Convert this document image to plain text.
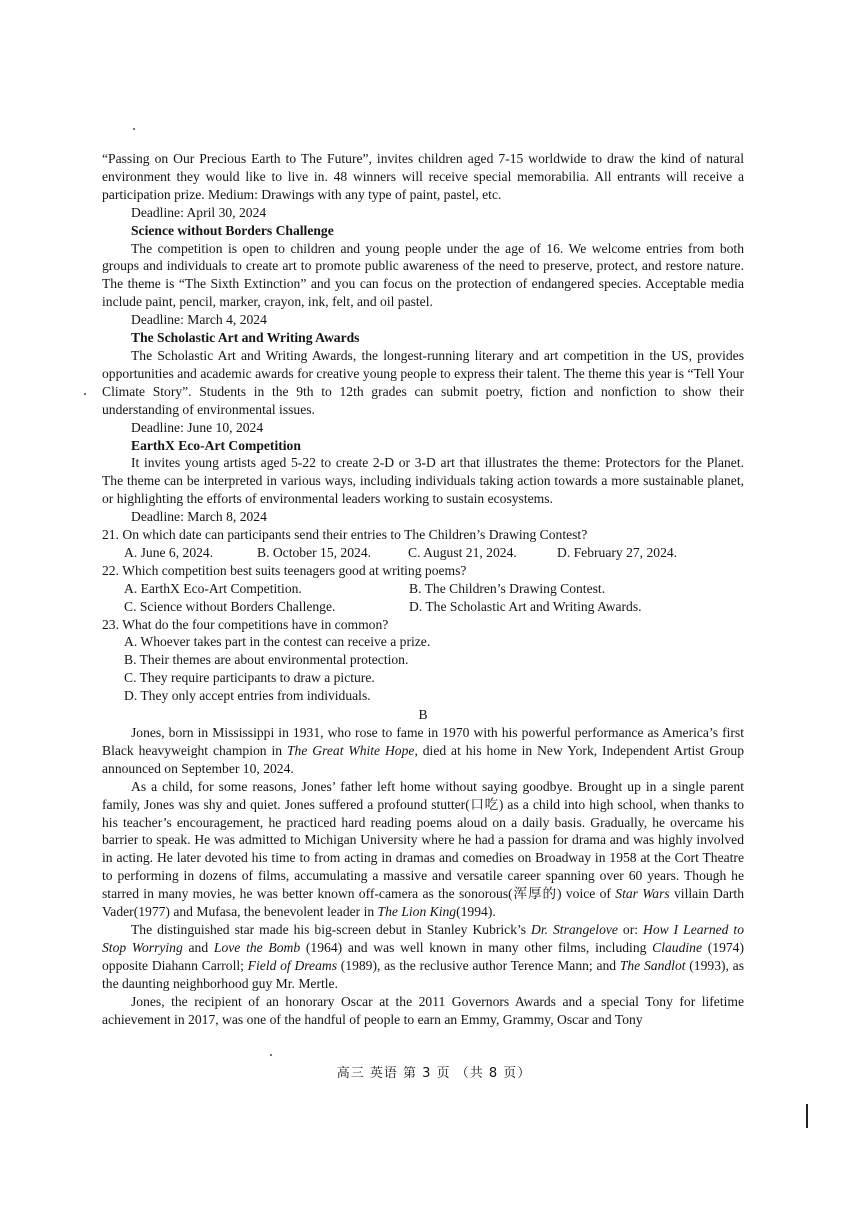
“Passing on Our Precious Earth to The Future”, invites children aged 7-15 worldwide to draw the kind of natural environment they would like to live in. 48 winners will receive special memorabilia. All entrants will receive a participation prize. Medium: Drawings with any type of paint, pastel, etc.

Deadline: April 30, 2024

Science without Borders Challenge

The competition is open to children and young people under the age of 16. We welcome entries from both groups and individuals to create art to promote public awareness of the need to preserve, protect, and restore nature. The theme is “The Sixth Extinction” and you can focus on the protection of endangered species. Acceptable media include paint, pencil, marker, crayon, ink, felt, and oil pastel.

Deadline: March 4, 2024

The Scholastic Art and Writing Awards

The Scholastic Art and Writing Awards, the longest-running literary and art competition in the US, provides opportunities and academic awards for creative young people to express their talent. The theme this year is “Tell Your Climate Story”. Students in the 9th to 12th grades can submit poetry, fiction and nonfiction to show their understanding of environmental issues.

Deadline: June 10, 2024

EarthX Eco-Art Competition

It invites young artists aged 5-22 to create 2-D or 3-D art that illustrates the theme: Protectors for the Planet. The theme can be interpreted in various ways, including individuals taking action towards a more sustainable planet, or highlighting the efforts of environmental leaders working to sustain ecosystems.

Deadline: March 8, 2024

21. On which date can participants send their entries to The Children’s Drawing Contest?

A. June 6, 2024.	B. October 15, 2024.	C. August 21, 2024.	D. February 27, 2024.

22. Which competition best suits teenagers good at writing poems?

A. EarthX Eco-Art Competition.	B. The Children’s Drawing Contest.
C. Science without Borders Challenge.	D. The Scholastic Art and Writing Awards.

23. What do the four competitions have in common?

A. Whoever takes part in the contest can receive a prize.

B. Their themes are about environmental protection.

C. They require participants to draw a picture.

D. They only accept entries from individuals.

B

Jones, born in Mississippi in 1931, who rose to fame in 1970 with his powerful performance as America’s first Black heavyweight champion in The Great White Hope, died at his home in New York, Independent Artist Group announced on September 10, 2024.

As a child, for some reasons, Jones’ father left home without saying goodbye. Brought up in a single parent family, Jones was shy and quiet. Jones suffered a profound stutter(口吃) as a child into high school, when thanks to his teacher’s encouragement, he practiced hard reading poems aloud on a daily basis. Gradually, he overcame his barrier to speak. He was admitted to Michigan University where he had a passion for drama and was highly involved in acting. He later devoted his time to from acting in dramas and comedies on Broadway in 1958 at the Cort Theatre to performing in dozens of films, accumulating a massive and versatile career spanning over 60 years. Though he starred in many movies, he was better known off-camera as the sonorous(浑厚的) voice of Star Wars villain Darth Vader(1977) and Mufasa, the benevolent leader in The Lion King(1994).

The distinguished star made his big-screen debut in Stanley Kubrick’s Dr. Strangelove or: How I Learned to Stop Worrying and Love the Bomb (1964) and was well known in many other films, including Claudine (1974) opposite Diahann Carroll; Field of Dreams (1989), as the reclusive author Terence Mann; and The Sandlot (1993), as the daunting neighborhood guy Mr. Mertle.

Jones, the recipient of an honorary Oscar at the 2011 Governors Awards and a special Tony for lifetime achievement in 2017, was one of the handful of people to earn an Emmy, Grammy, Oscar and Tony

高三 英语 第 3 页 （共 8 页）
